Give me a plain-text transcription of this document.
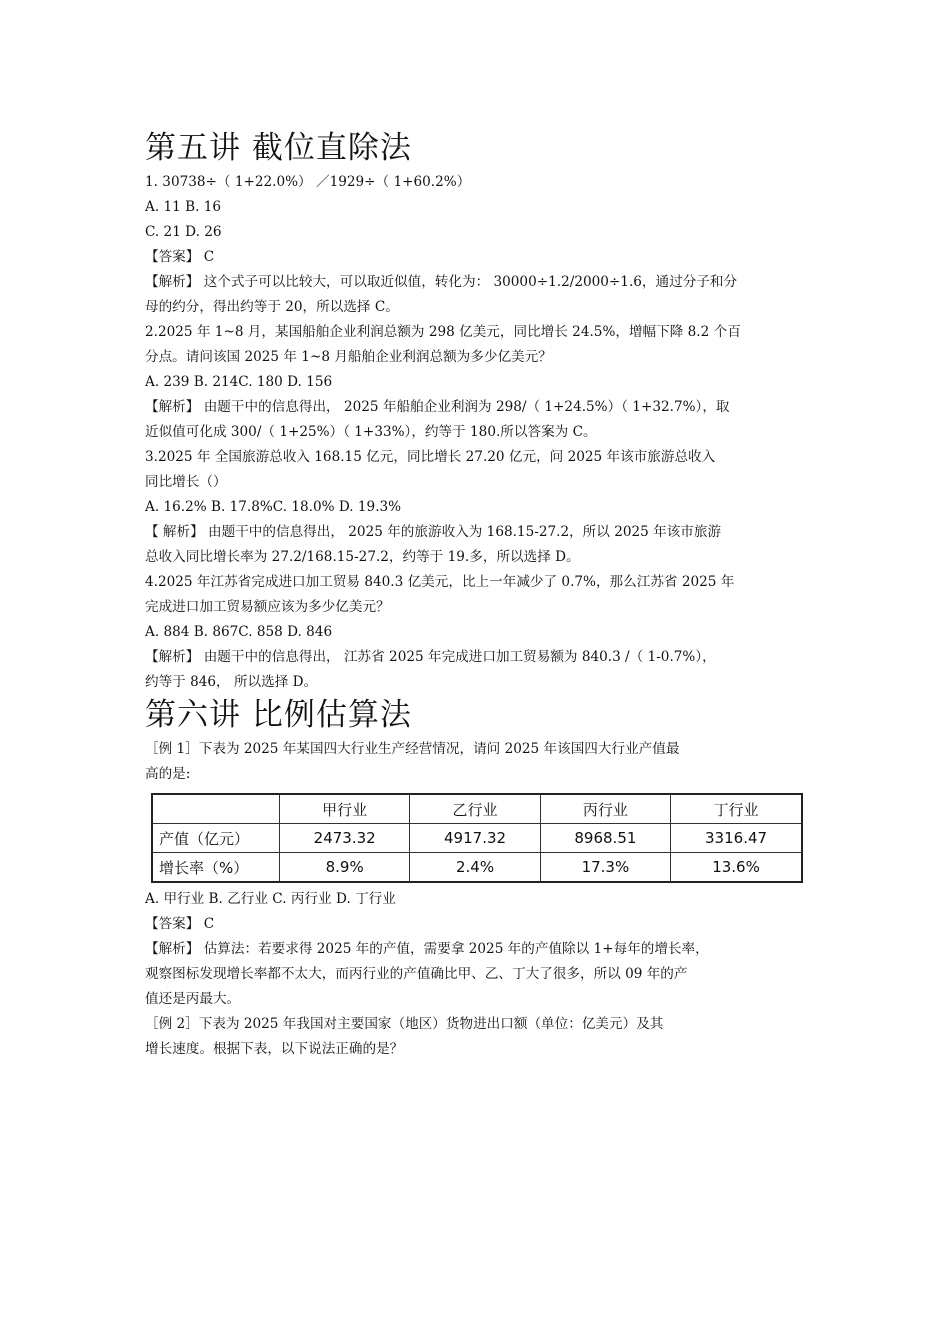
第五讲 截位直除法

1. 30738÷（ 1+22.0%） ／1929÷（ 1+60.2%）

A. 11 B. 16

C. 21 D. 26

【答案】 C

【解析】 这个式子可以比较大，可以取近似值，转化为： 30000÷1.2/2000÷1.6，通过分子和分

母的约分，得出约等于 20，所以选择 C。

2.2025 年 1~8 月，某国船舶企业利润总额为 298 亿美元，同比增长 24.5%，增幅下降 8.2 个百

分点。请问该国 2025 年 1~8 月船舶企业利润总额为多少亿美元？

A. 239 B. 214C. 180 D. 156

【解析】 由题干中的信息得出， 2025 年船舶企业利润为 298/（ 1+24.5%）（ 1+32.7%），取

近似值可化成 300/（ 1+25%）（ 1+33%），约等于 180.所以答案为 C。

3.2025 年 全国旅游总收入 168.15 亿元，同比增长 27.20 亿元，问 2025 年该市旅游总收入

同比增长（）

A. 16.2% B. 17.8%C. 18.0% D. 19.3%

【 解析】 由题干中的信息得出， 2025 年的旅游收入为 168.15-27.2，所以 2025 年该市旅游

总收入同比增长率为 27.2/168.15-27.2，约等于 19.多，所以选择 D。

4.2025 年江苏省完成进口加工贸易 840.3 亿美元，比上一年减少了 0.7%，那么江苏省 2025 年

完成进口加工贸易额应该为多少亿美元？

A. 884 B. 867C. 858 D. 846

【解析】 由题干中的信息得出， 江苏省 2025 年完成进口加工贸易额为 840.3 /（ 1-0.7%），

约等于 846， 所以选择 D。

第六讲 比例估算法

［例 1］下表为 2025 年某国四大行业生产经营情况，请问 2025 年该国四大行业产值最

高的是:

	甲行业	乙行业	丙行业	丁行业
产值（亿元）	2473.32	4917.32	8968.51	3316.47
增长率（%）	8.9%	2.4%	17.3%	13.6%

A. 甲行业 B. 乙行业 C. 丙行业 D. 丁行业

【答案】 C

【解析】 估算法：若要求得 2025 年的产值，需要拿 2025 年的产值除以 1+每年的增长率，

观察图标发现增长率都不太大，而丙行业的产值确比甲、乙、丁大了很多，所以 09 年的产

值还是丙最大。

［例 2］下表为 2025 年我国对主要国家（地区）货物进出口额（单位：亿美元）及其

增长速度。根据下表，以下说法正确的是？
